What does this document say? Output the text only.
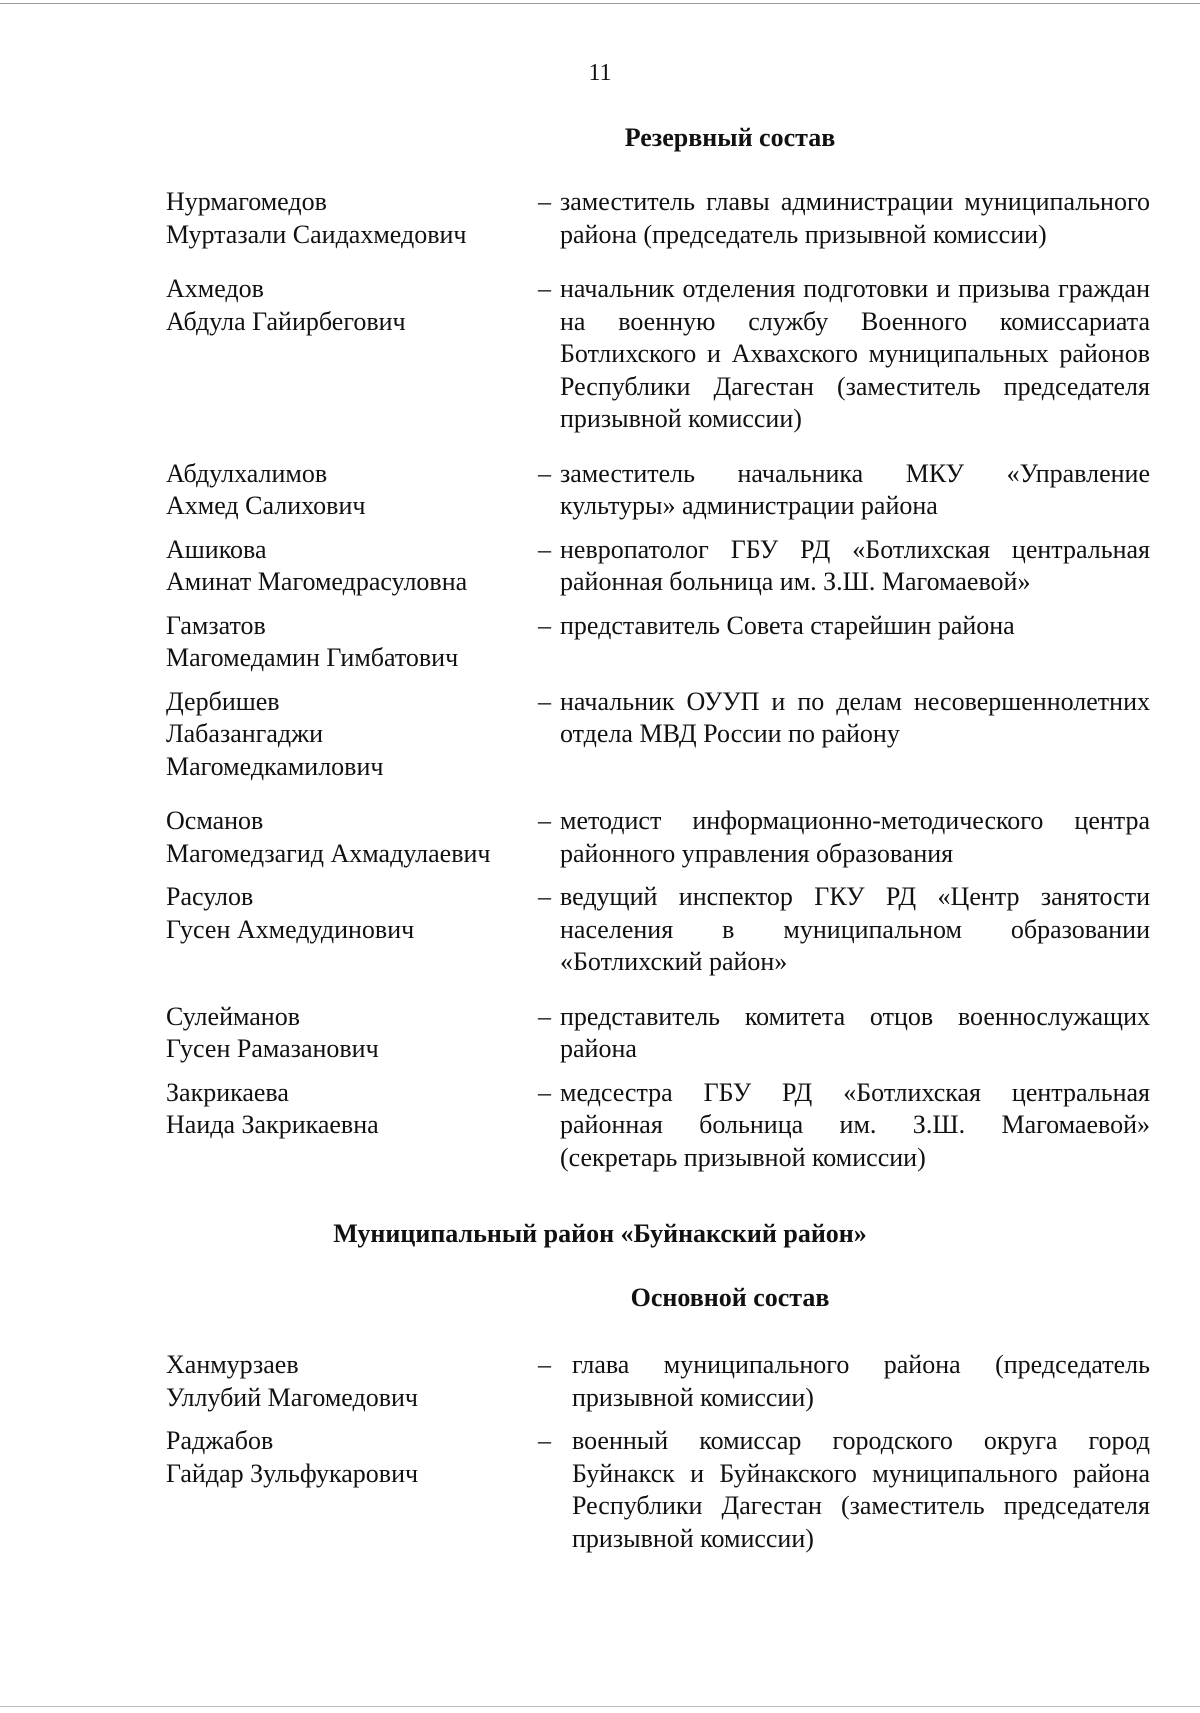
11
Резервный состав
Нурмагомедов
Муртазали Саидахмедович
– заместитель главы администрации муниципального района (председатель призывной комиссии)
Ахмедов
Абдула Гайирбегович
– начальник отделения подготовки и призыва граждан на военную службу Военного комиссариата Ботлихского и Ахвахского муниципальных районов Республики Дагестан (заместитель председателя призывной комиссии)
Абдулхалимов
Ахмед Салихович
– заместитель начальника МКУ «Управление культуры» администрации района
Ашикова
Аминат Магомедрасуловна
– невропатолог ГБУ РД «Ботлихская центральная районная больница им. З.Ш. Магомаевой»
Гамзатов
Магомедамин Гимбатович
– представитель Совета старейшин района
Дербишев
Лабазангаджи
Магомедкамилович
– начальник ОУУП и по делам несовершеннолетних отдела МВД России по району
Османов
Магомедзагид Ахмадулаевич
– методист информационно-методического центра районного управления образования
Расулов
Гусен Ахмедудинович
– ведущий инспектор ГКУ РД «Центр занятости населения в муниципальном образовании «Ботлихский район»
Сулейманов
Гусен Рамазанович
– представитель комитета отцов военнослужащих района
Закрикаева
Наида Закрикаевна
– медсестра ГБУ РД «Ботлихская центральная районная больница им. З.Ш. Магомаевой» (секретарь призывной комиссии)
Муниципальный район «Буйнакский район»
Основной состав
Ханмурзаев
Уллубий Магомедович
– глава муниципального района (председатель призывной комиссии)
Раджабов
Гайдар Зульфукарович
– военный комиссар городского округа город Буйнакск и Буйнакского муниципального района Республики Дагестан (заместитель председателя призывной комиссии)
